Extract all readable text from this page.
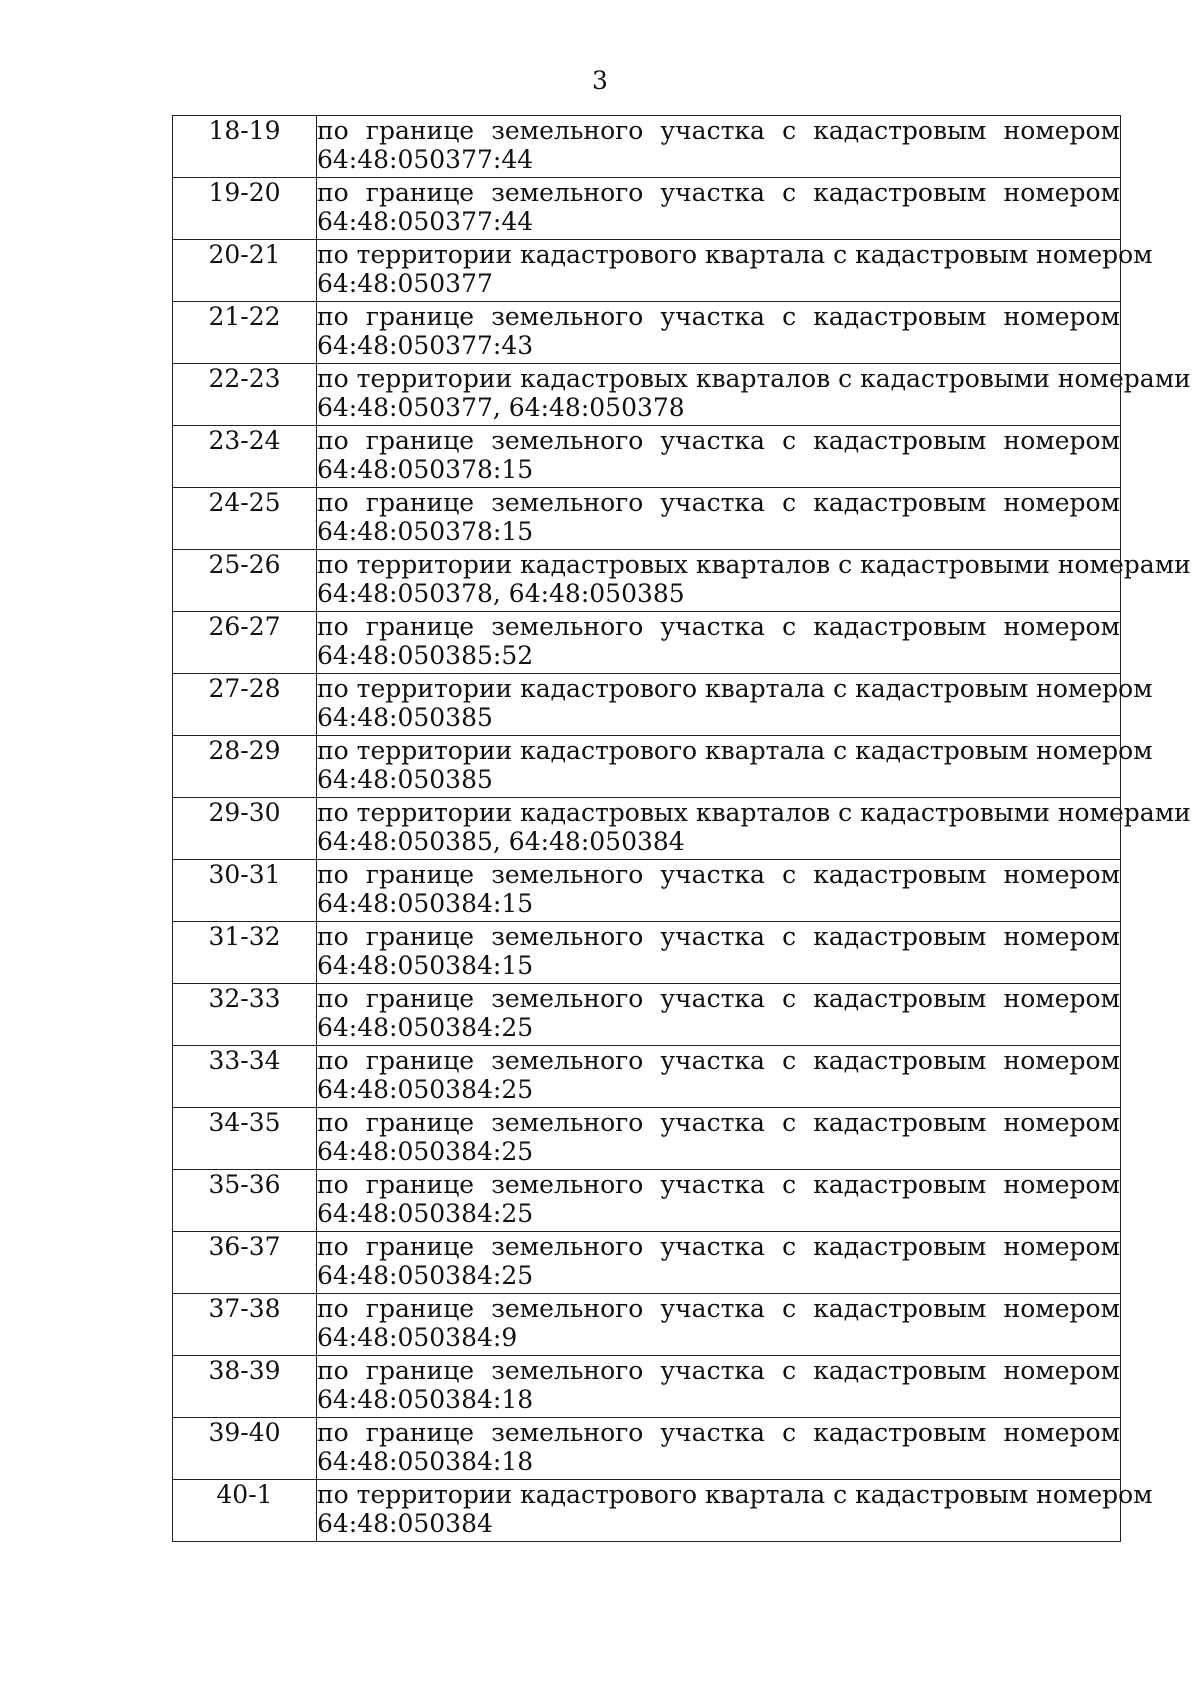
3
18-19	по границе земельного участка с кадастровым номером
64:48:050377:44

19-20	по границе земельного участка с кадастровым номером
64:48:050377:44

20-21	по территории кадастрового квартала с кадастровым номером
64:48:050377

21-22	по границе земельного участка с кадастровым номером
64:48:050377:43

22-23	по территории кадастровых кварталов с кадастровыми номерами
64:48:050377, 64:48:050378

23-24	по границе земельного участка с кадастровым номером
64:48:050378:15

24-25	по границе земельного участка с кадастровым номером
64:48:050378:15

25-26	по территории кадастровых кварталов с кадастровыми номерами
64:48:050378, 64:48:050385

26-27	по границе земельного участка с кадастровым номером
64:48:050385:52

27-28	по территории кадастрового квартала с кадастровым номером
64:48:050385

28-29	по территории кадастрового квартала с кадастровым номером
64:48:050385

29-30	по территории кадастровых кварталов с кадастровыми номерами
64:48:050385, 64:48:050384

30-31	по границе земельного участка с кадастровым номером
64:48:050384:15

31-32	по границе земельного участка с кадастровым номером
64:48:050384:15

32-33	по границе земельного участка с кадастровым номером
64:48:050384:25

33-34	по границе земельного участка с кадастровым номером
64:48:050384:25

34-35	по границе земельного участка с кадастровым номером
64:48:050384:25

35-36	по границе земельного участка с кадастровым номером
64:48:050384:25

36-37	по границе земельного участка с кадастровым номером
64:48:050384:25

37-38	по границе земельного участка с кадастровым номером
64:48:050384:9

38-39	по границе земельного участка с кадастровым номером
64:48:050384:18

39-40	по границе земельного участка с кадастровым номером
64:48:050384:18

40-1	по территории кадастрового квартала с кадастровым номером
64:48:050384
